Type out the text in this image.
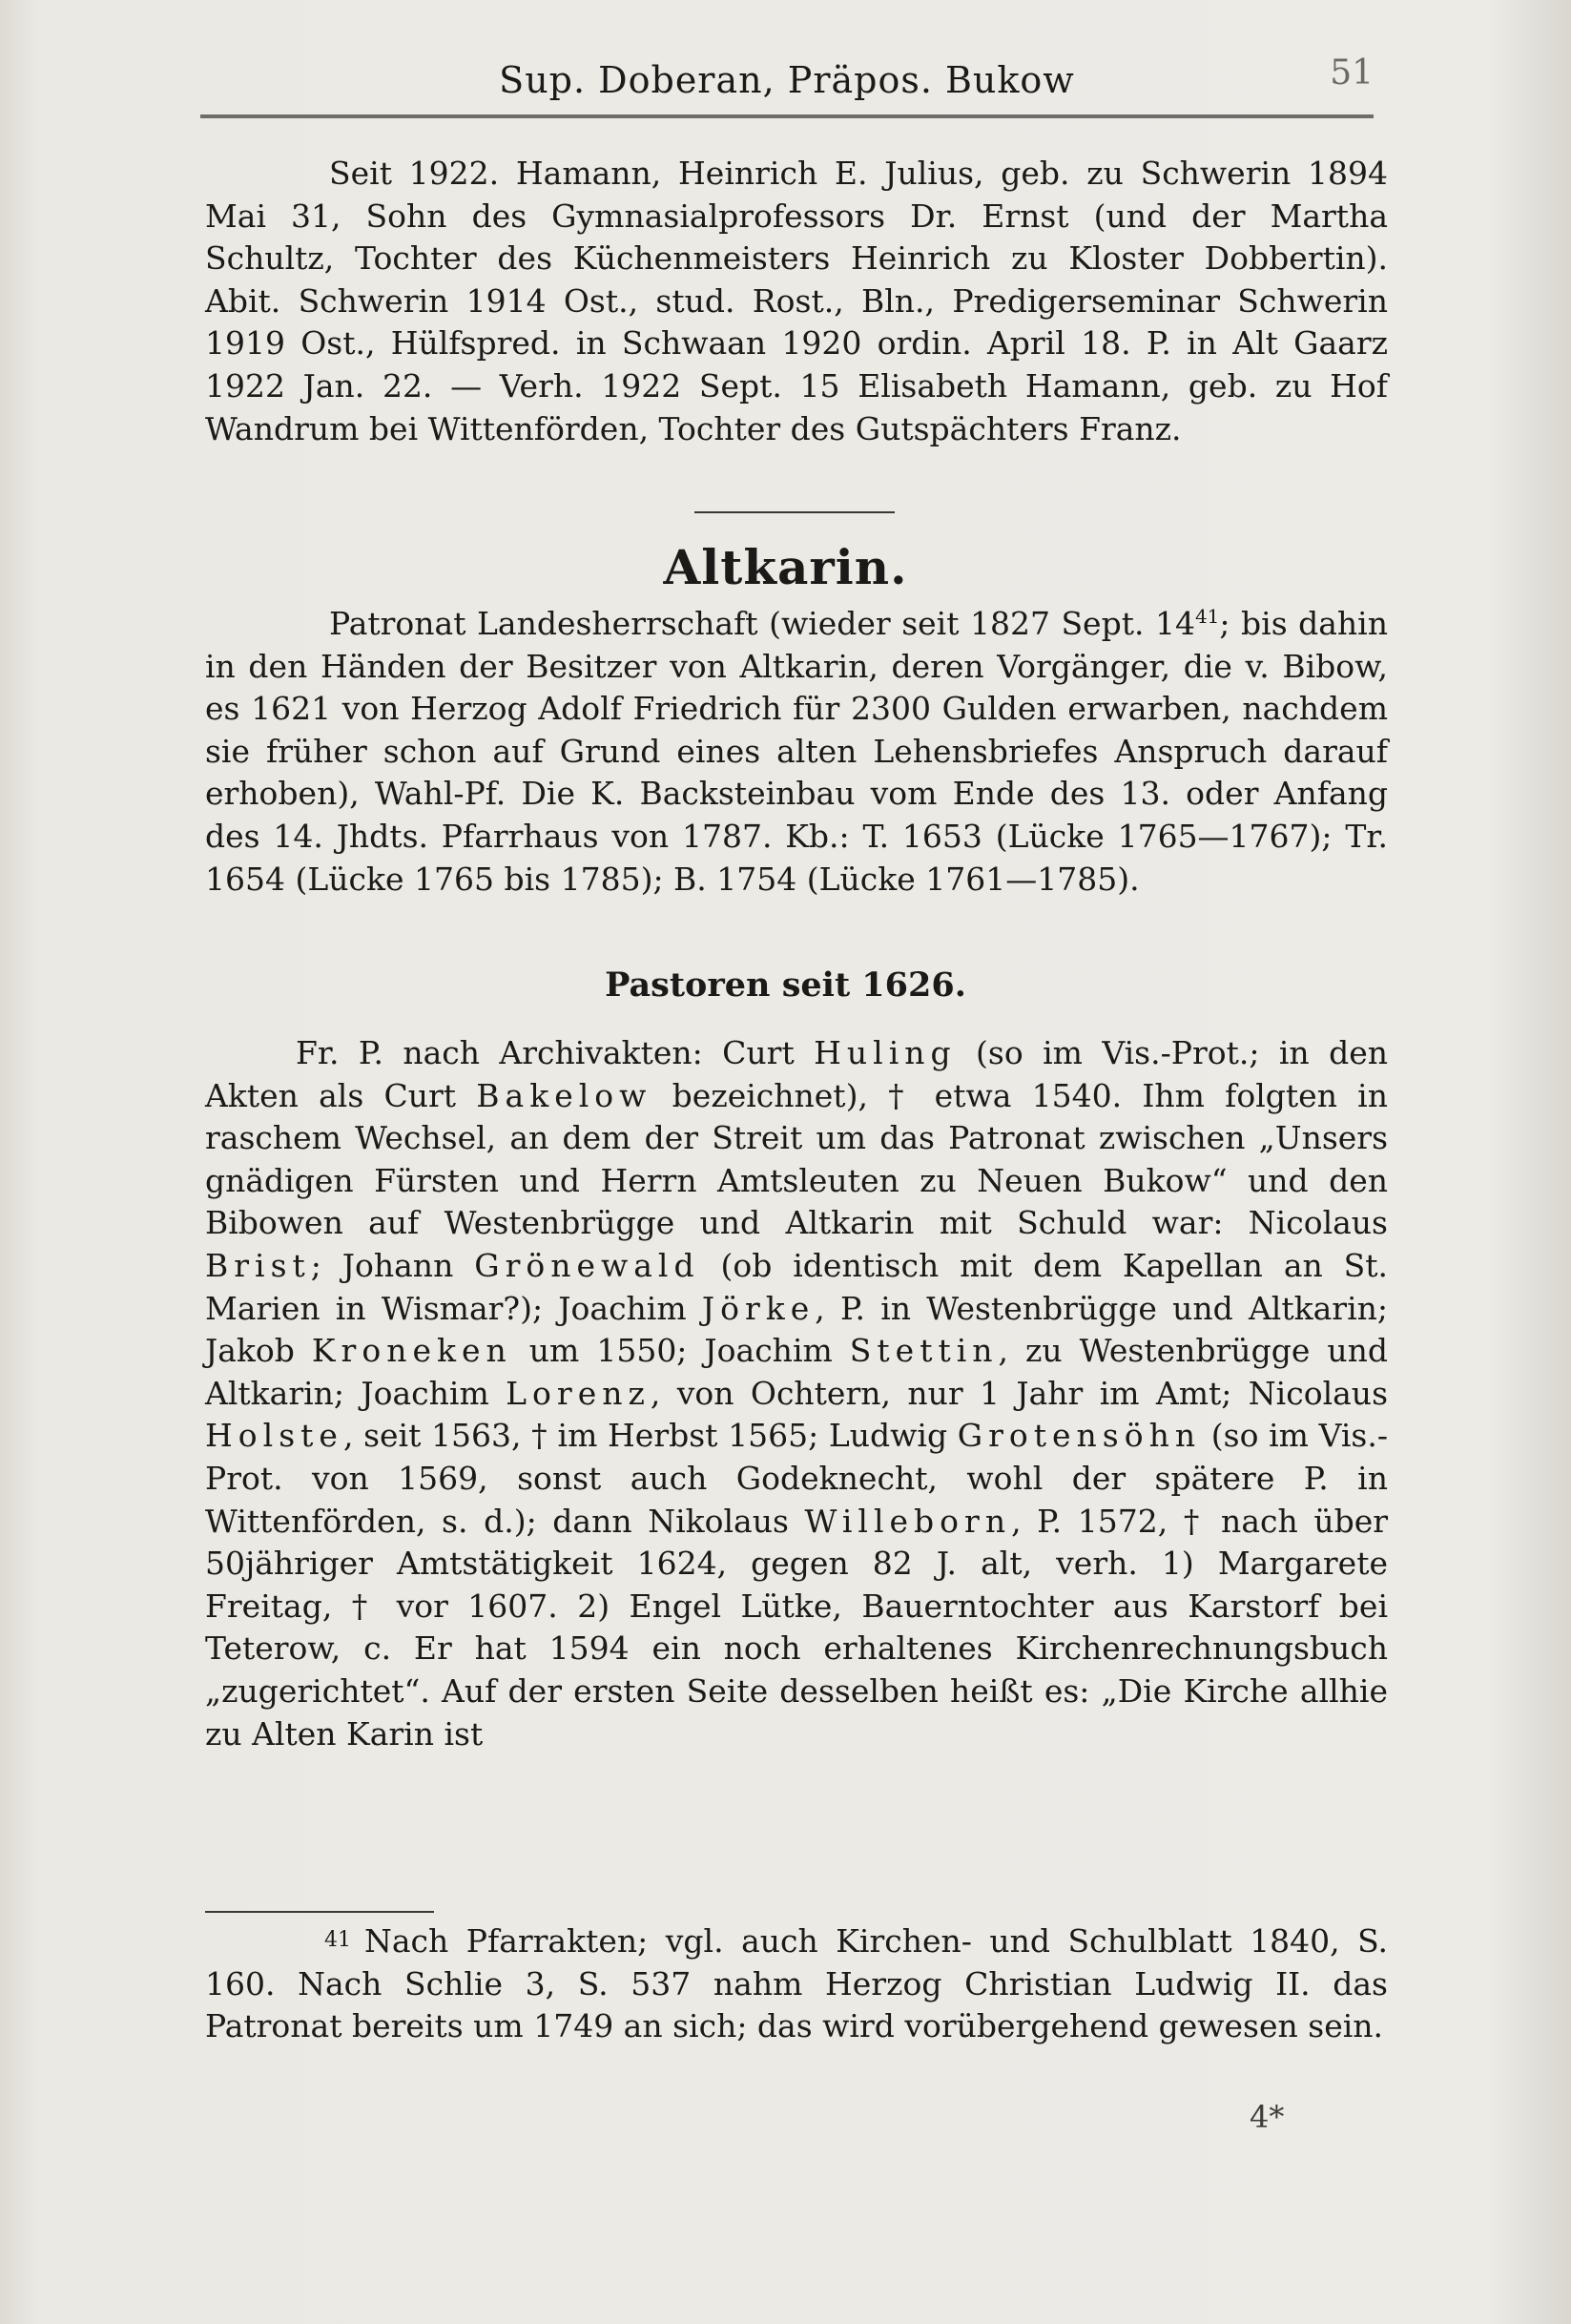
Sup. Doberan, Präpos. Bukow	51

Seit 1922. Hamann, Heinrich E. Julius, geb. zu Schwerin 1894 Mai 31, Sohn des Gymnasialprofessors Dr. Ernst (und der Martha Schultz, Tochter des Küchenmeisters Heinrich zu Kloster Dobbertin). Abit. Schwerin 1914 Ost., stud. Rost., Bln., Predigerseminar Schwerin 1919 Ost., Hülfspred. in Schwaan 1920 ordin. April 18. P. in Alt Gaarz 1922 Jan. 22. — Verh. 1922 Sept. 15 Elisabeth Hamann, geb. zu Hof Wandrum bei Wittenförden, Tochter des Gutspächters Franz.

Altkarin.

Patronat Landesherrschaft (wieder seit 1827 Sept. $14^{41}$; bis dahin in den Händen der Besitzer von Altkarin, deren Vorgänger, die v. Bibow, es 1621 von Herzog Adolf Friedrich für 2300 Gulden erwarben, nachdem sie früher schon auf Grund eines alten Lehensbriefes Anspruch darauf erhoben), Wahl-Pf. Die K. Backsteinbau vom Ende des 13. oder Anfang des 14. Jhdts. Pfarrhaus von 1787. Kb.: T. 1653 (Lücke 1765—1767); Tr. 1654 (Lücke 1765 bis 1785); B. 1754 (Lücke 1761—1785).

Pastoren seit 1626.

Fr. P. nach Archivakten: Curt Huling (so im Vis.-Prot.; in den Akten als Curt Bakelow bezeichnet), † etwa 1540. Ihm folgten in raschem Wechsel, an dem der Streit um das Patronat zwischen „Unsers gnädigen Fürsten und Herrn Amtsleuten zu Neuen Bukow“ und den Bibowen auf Westenbrügge und Altkarin mit Schuld war: Nicolaus Brist; Johann Grönewald (ob identisch mit dem Kapellan an St. Marien in Wismar?); Joachim Jörke, P. in Westenbrügge und Altkarin; Jakob Kroneken um 1550; Joachim Stettin, zu Westenbrügge und Altkarin; Joachim Lorenz, von Ochtern, nur 1 Jahr im Amt; Nicolaus Holste, seit 1563, † im Herbst 1565; Ludwig Grotensöhn (so im Vis.-Prot. von 1569, sonst auch Godeknecht, wohl der spätere P. in Wittenförden, s. d.); dann Nikolaus Willeborn, P. 1572, † nach über 50jähriger Amtstätigkeit 1624, gegen 82 J. alt, verh. 1) Margarete Freitag, † vor 1607. 2) Engel Lütke, Bauerntochter aus Karstorf bei Teterow, c. Er hat 1594 ein noch erhaltenes Kirchenrechnungsbuch „zugerichtet“. Auf der ersten Seite desselben heißt es: „Die Kirche allhie zu Alten Karin ist

41 Nach Pfarrakten; vgl. auch Kirchen- und Schulblatt 1840, S. 160. Nach Schlie 3, S. 537 nahm Herzog Christian Ludwig II. das Patronat bereits um 1749 an sich; das wird vorübergehend gewesen sein.

4*
